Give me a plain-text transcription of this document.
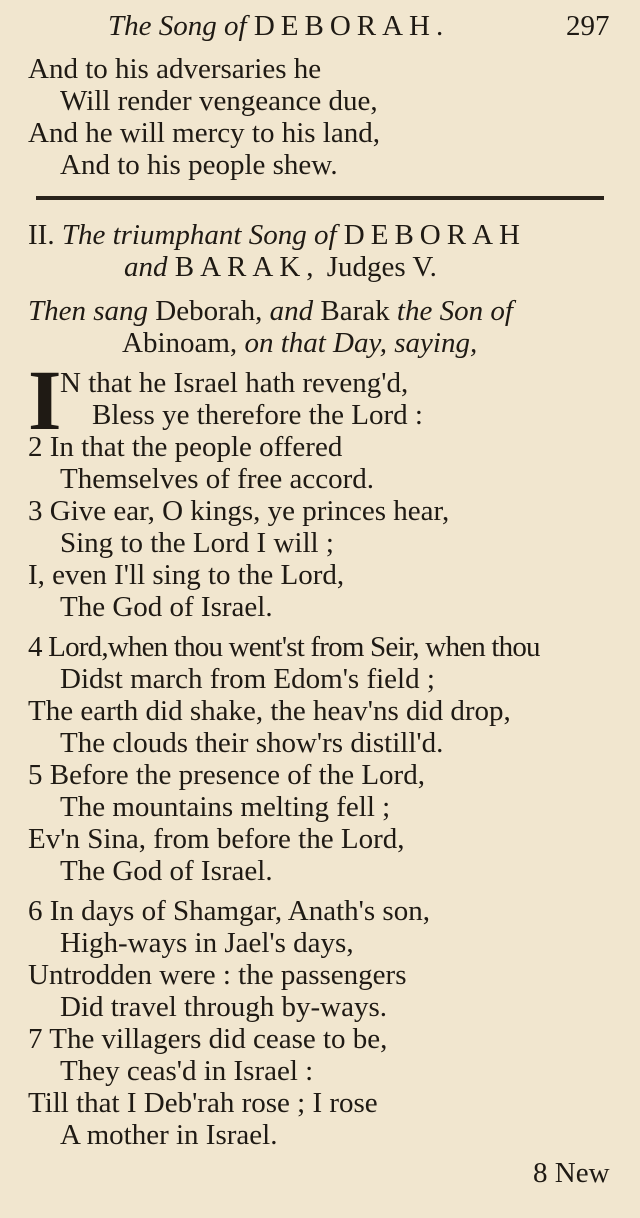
The Song of DEBORAH.	297
And to his adversaries he
Will render vengeance due,
And he will mercy to his land,
And to his people shew.
II. The triumphant Song of DEBORAH
and BARAK, Judges V.
Then sang Deborah, and Barak the Son of
Abinoam, on that Day, saying,
I
N that he Israel hath reveng'd,
Bless ye therefore the Lord :
2 In that the people offered
Themselves of free accord.
3 Give ear, O kings, ye princes hear,
Sing to the Lord I will ;
I, even I'll sing to the Lord,
The God of Israel.
4 Lord,when thou went'st from Seir, when thou
Didst march from Edom's field ;
The earth did shake, the heav'ns did drop,
The clouds their show'rs distill'd.
5 Before the presence of the Lord,
The mountains melting fell ;
Ev'n Sina, from before the Lord,
The God of Israel.
6 In days of Shamgar, Anath's son,
High-ways in Jael's days,
Untrodden were : the passengers
Did travel through by-ways.
7 The villagers did cease to be,
They ceas'd in Israel :
Till that I Deb'rah rose ; I rose
A mother in Israel.
8 New
